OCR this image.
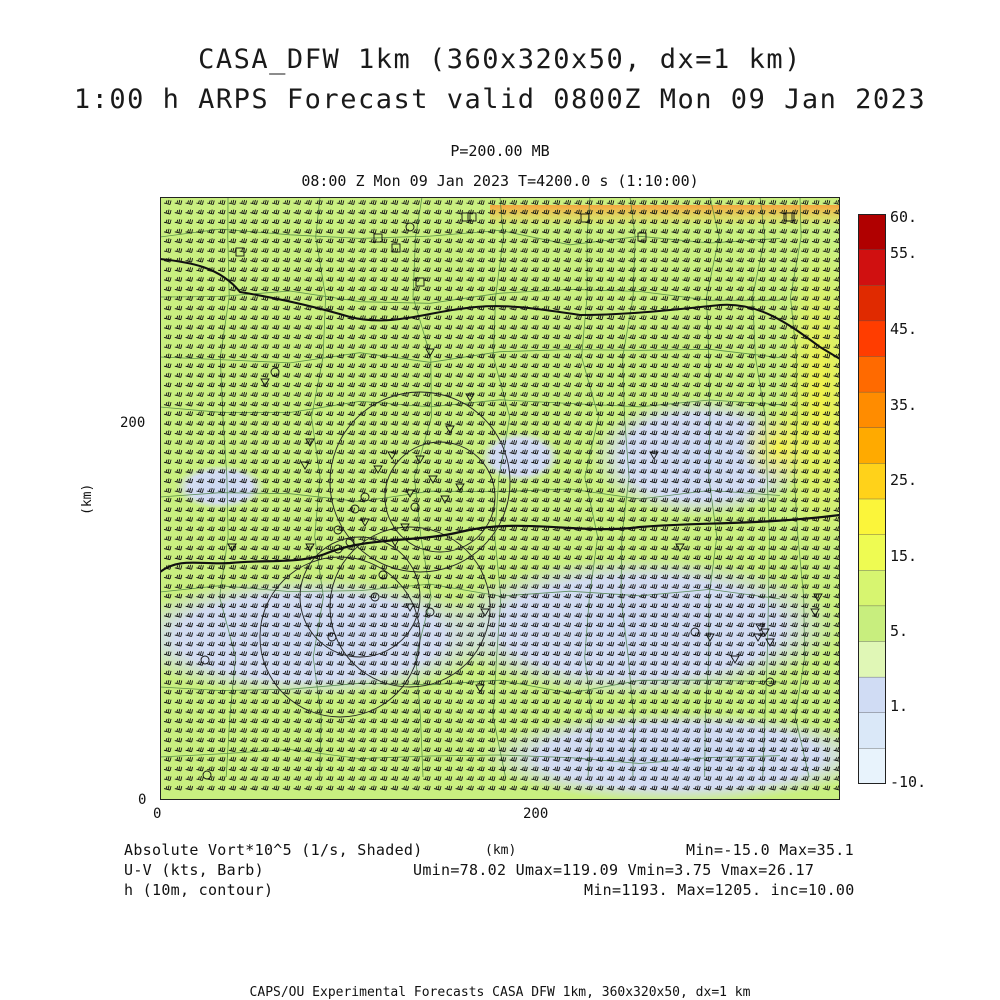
CASA_DFW 1km (360x320x50, dx=1 km)
1:00 h ARPS Forecast valid 0800Z Mon 09 Jan 2023
P=200.00 MB
08:00 Z Mon 09 Jan 2023 T=4200.0 s (1:10:00)
200
0
0	200
(km)
(km)
60.
55.
45.
35.
25.
15.
5.
1.
-10.
Absolute Vort*10^5 (1/s, Shaded)	Min=-15.0 Max=35.1
U-V (kts, Barb)	Umin=78.02 Umax=119.09 Vmin=3.75 Vmax=26.17
h (10m, contour)	Min=1193. Max=1205. inc=10.00
CAPS/OU Experimental Forecasts CASA DFW 1km, 360x320x50, dx=1 km
